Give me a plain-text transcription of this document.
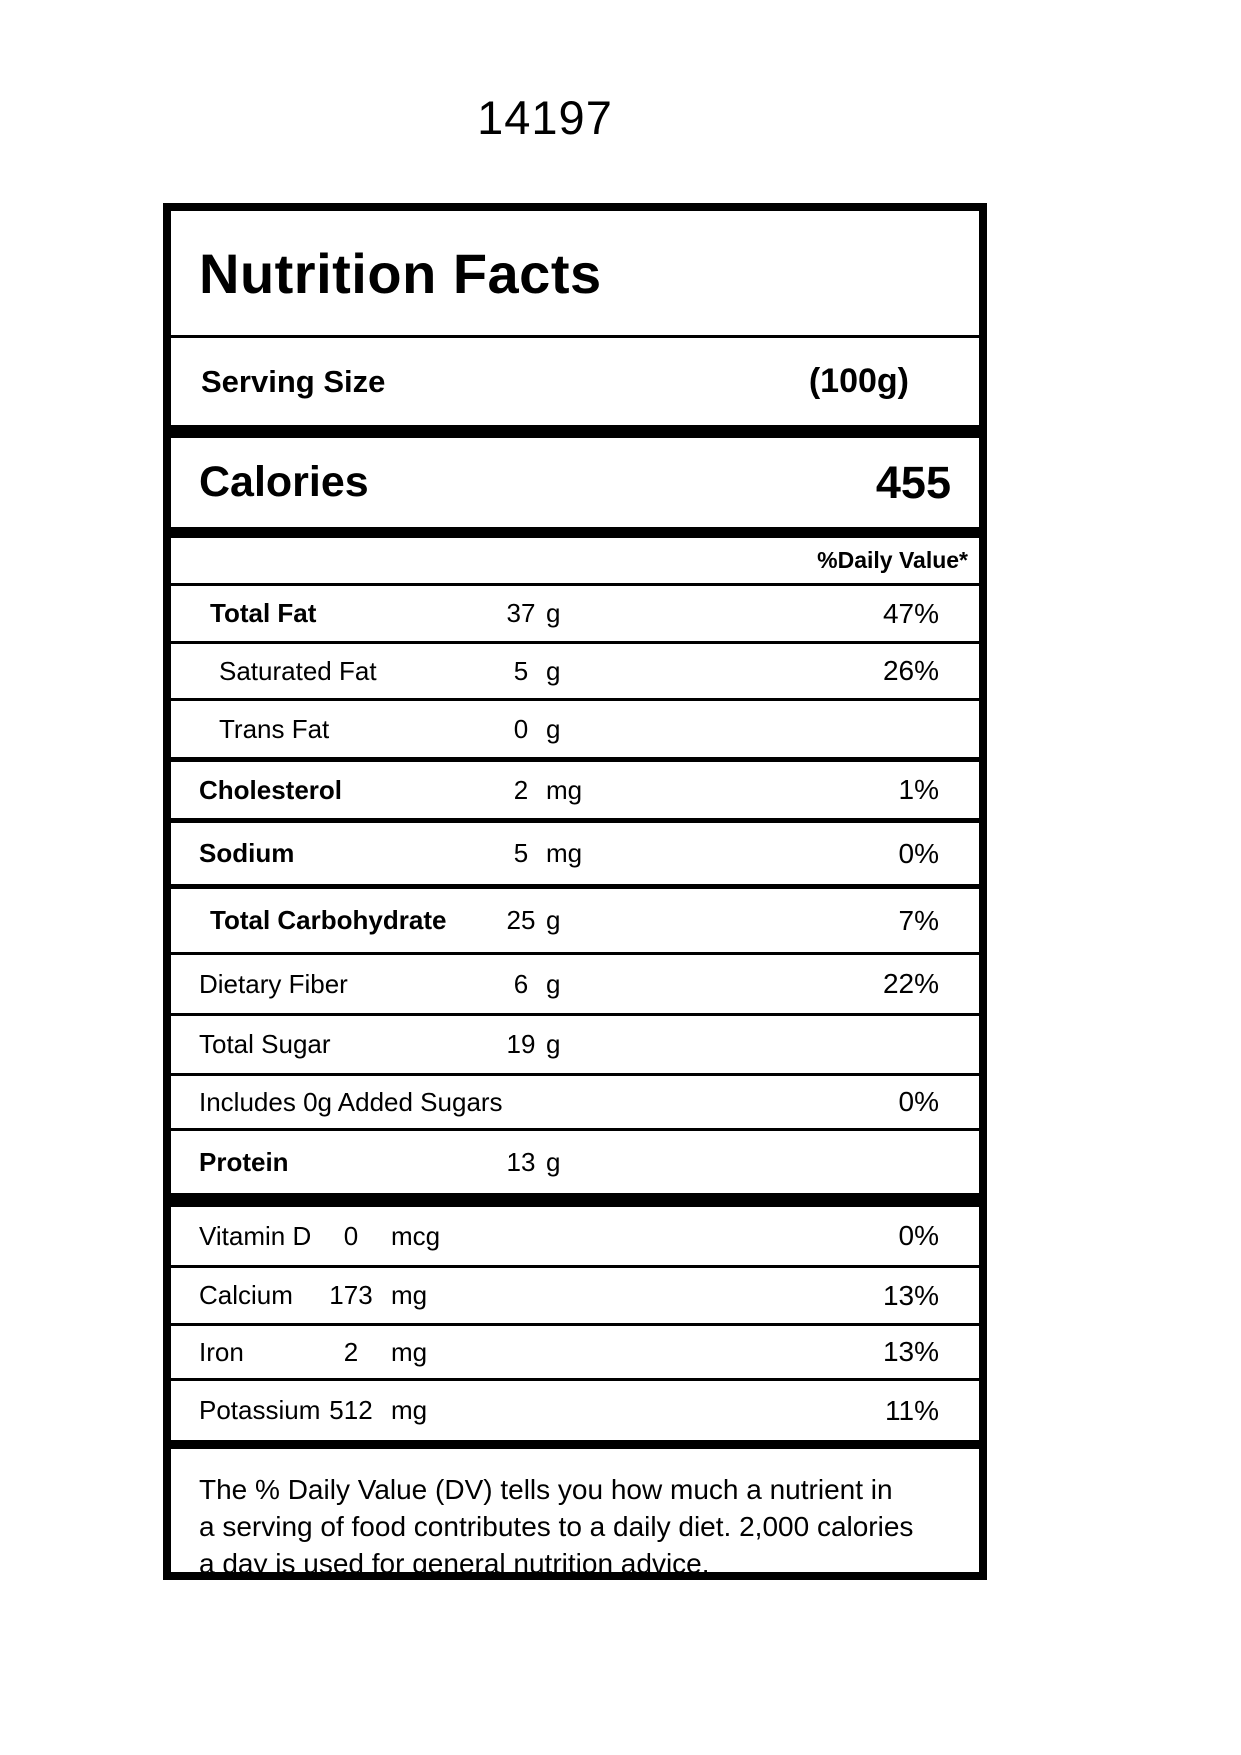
14197
Nutrition Facts
Serving Size	(100g)
Calories	455
%Daily Value*
Total Fat	37 g	47%
Saturated Fat	5 g	26%
Trans Fat	0 g
Cholesterol	2 mg	1%
Sodium	5 mg	0%
Total Carbohydrate	25 g	7%
Dietary Fiber	6 g	22%
Total Sugar	19 g
Includes 0g Added Sugars	0%
Protein	13 g
Vitamin D	0	mcg	0%
Calcium	173 mg	13%
Iron	2	mg	13%
Potassium 512 mg	11%
The % Daily Value (DV) tells you how much a nutrient in
a serving of food contributes to a daily diet. 2,000 calories
a day is used for general nutrition advice.
